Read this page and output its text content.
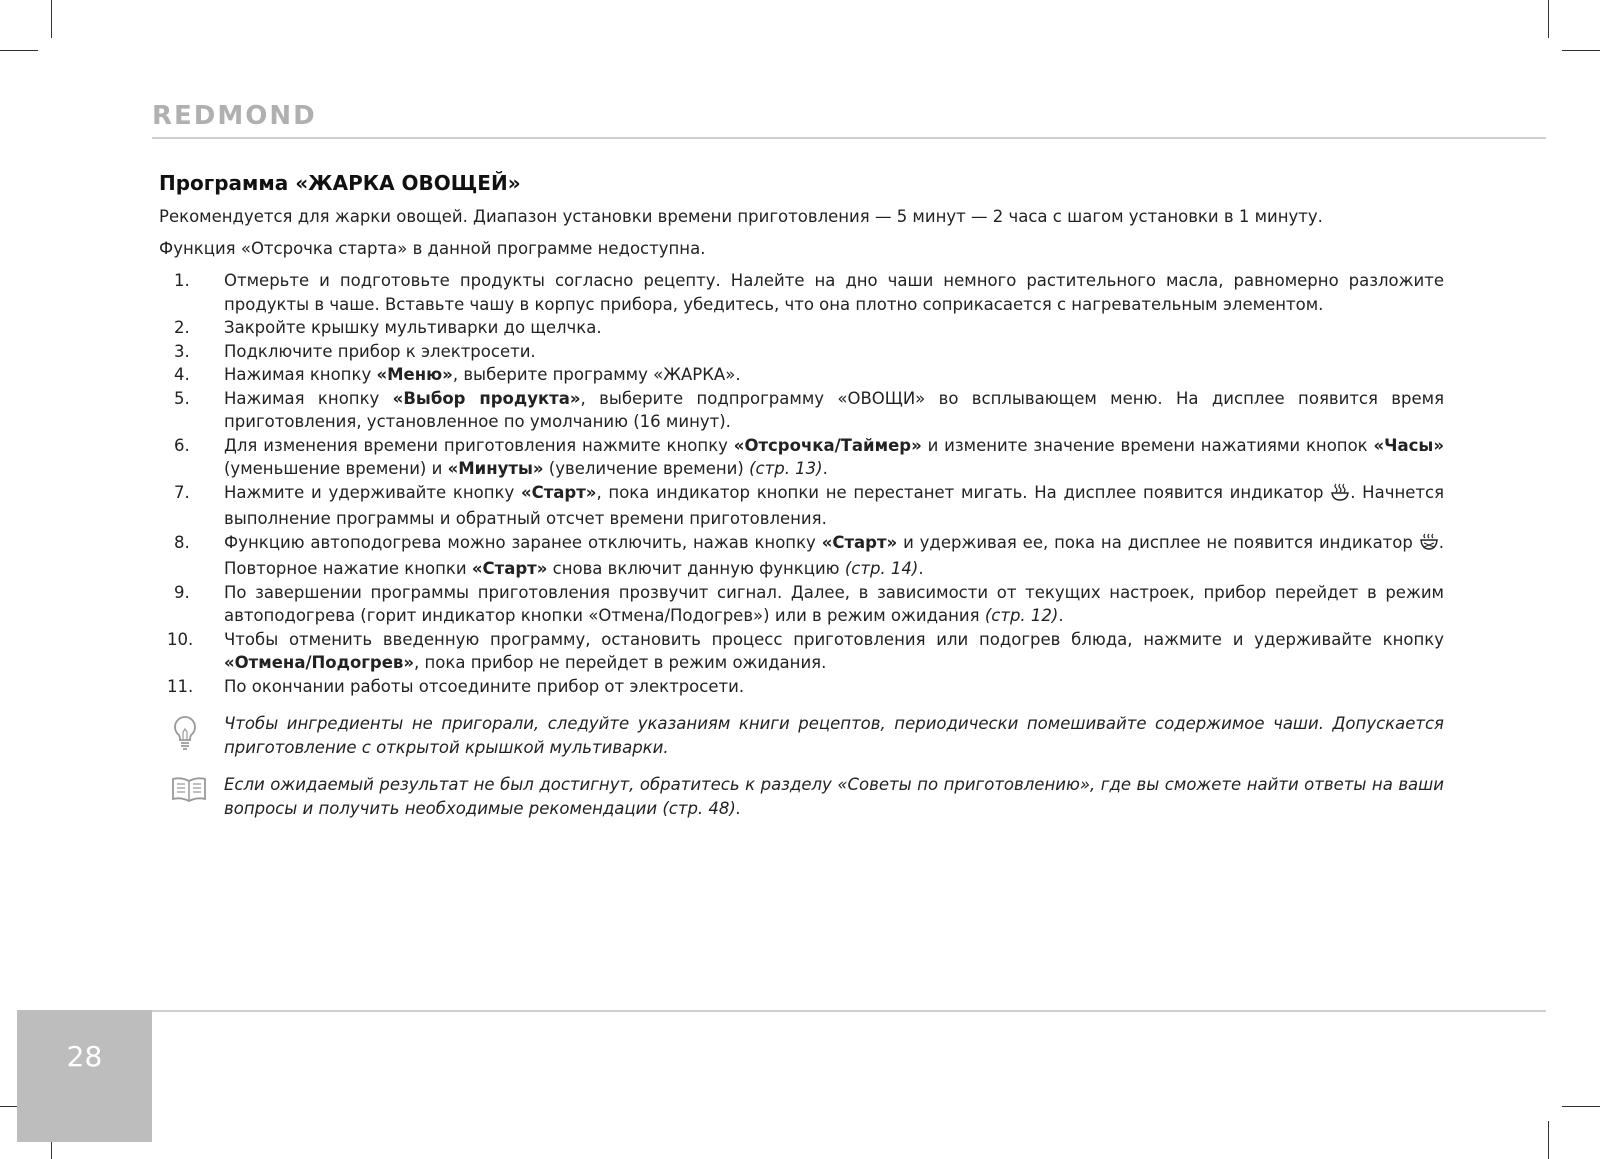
REDMOND
Программа «ЖАРКА ОВОЩЕЙ»

Рекомендуется для жарки овощей. Диапазон установки времени приготовления — 5 минут — 2 часа с шагом установки в 1 минуту.

Функция «Отсрочка старта» в данной программе недоступна.

1. Отмерьте и подготовьте продукты согласно рецепту. Налейте на дно чаши немного растительного масла, равномерно разложите продукты в чаше. Вставьте чашу в корпус прибора, убедитесь, что она плотно соприкасается с нагревательным элементом.
2. Закройте крышку мультиварки до щелчка.
3. Подключите прибор к электросети.
4. Нажимая кнопку «Меню», выберите программу «ЖАРКА».
5. Нажимая кнопку «Выбор продукта», выберите подпрограмму «ОВОЩИ» во всплывающем меню. На дисплее появится время приготовления, установленное по умолчанию (16 минут).
6. Для изменения времени приготовления нажмите кнопку «Отсрочка/Таймер» и измените значение времени нажатиями кнопок «Часы» (уменьшение времени) и «Минуты» (увеличение времени) (стр. 13).
7. Нажмите и удерживайте кнопку «Старт», пока индикатор кнопки не перестанет мигать. На дисплее появится индикатор . Начнется выполнение программы и обратный отсчет времени приготовления.
8. Функцию автоподогрева можно заранее отключить, нажав кнопку «Старт» и удерживая ее, пока на дисплее не появится индикатор . Повторное нажатие кнопки «Старт» снова включит данную функцию (стр. 14).
9. По завершении программы приготовления прозвучит сигнал. Далее, в зависимости от текущих настроек, прибор перейдет в режим автоподогрева (горит индикатор кнопки «Отмена/Подогрев») или в режим ожидания (стр. 12).
10. Чтобы отменить введенную программу, остановить процесс приготовления или подогрев блюда, нажмите и удерживайте кнопку «Отмена/Подогрев», пока прибор не перейдет в режим ожидания.
11. По окончании работы отсоедините прибор от электросети.
Чтобы ингредиенты не пригорали, следуйте указаниям книги рецептов, периодически помешивайте содержимое чаши. Допускается приготовление с открытой крышкой мультиварки.
Если ожидаемый результат не был достигнут, обратитесь к разделу «Советы по приготовлению», где вы сможете найти ответы на ваши вопросы и получить необходимые рекомендации (стр. 48).
28
